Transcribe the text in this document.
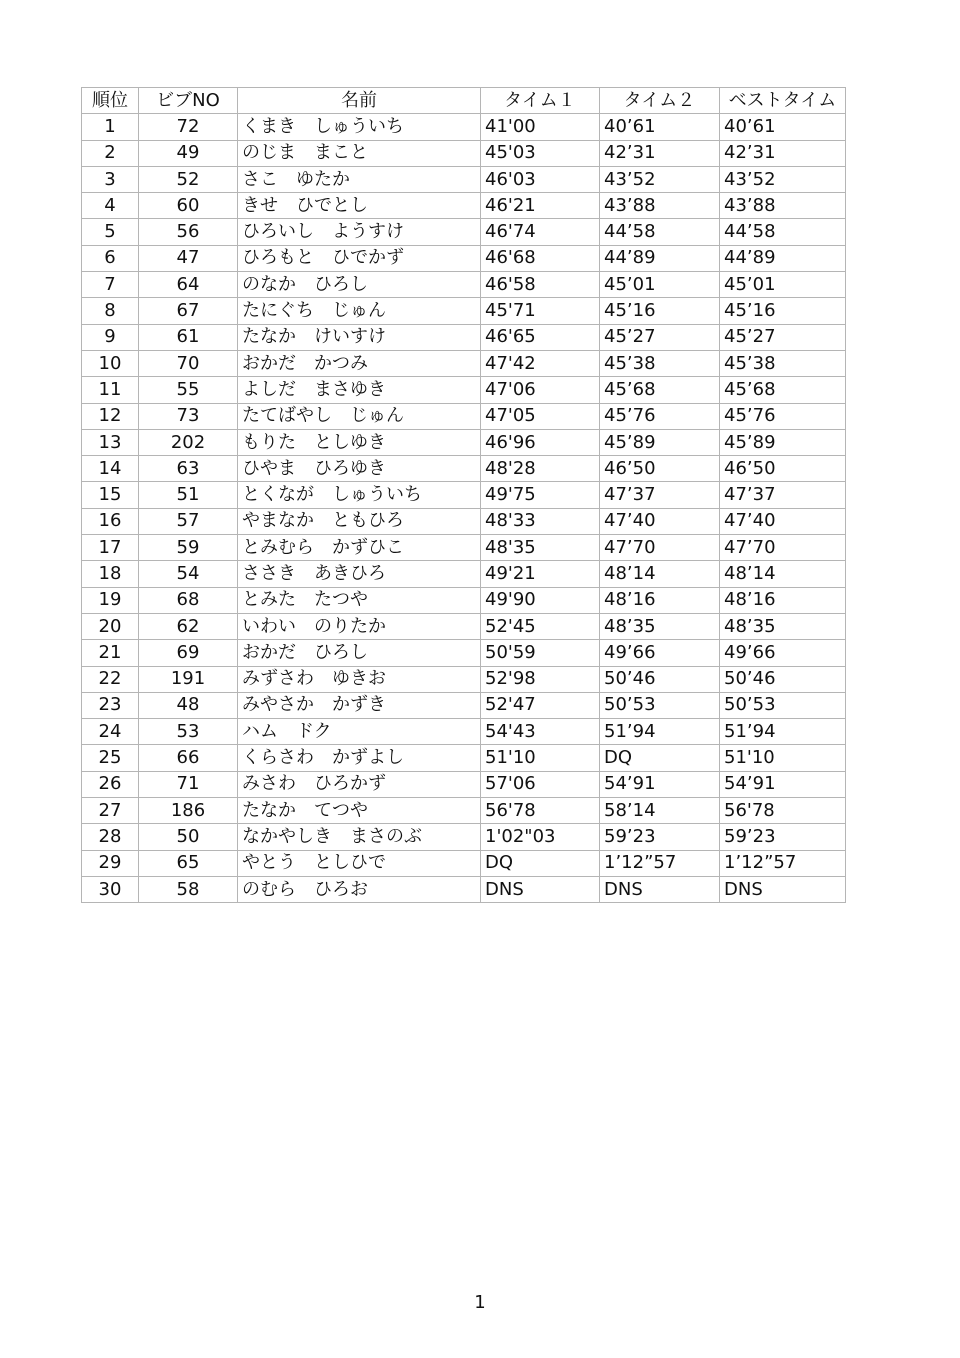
順位	ビブNO	名前	タイム１	タイム２	ベストタイム
1	72	くまき　しゅういち	41'00	40’61	40’61
2	49	のじま　まこと	45'03	42’31	42’31
3	52	さこ　ゆたか	46'03	43’52	43’52
4	60	きせ　ひでとし	46'21	43’88	43’88
5	56	ひろいし　ようすけ	46'74	44’58	44’58
6	47	ひろもと　ひでかず	46'68	44’89	44’89
7	64	のなか　ひろし	46'58	45’01	45’01
8	67	たにぐち　じゅん	45'71	45’16	45’16
9	61	たなか　けいすけ	46'65	45’27	45’27
10	70	おかだ　かつみ	47'42	45’38	45’38
11	55	よしだ　まさゆき	47'06	45’68	45’68
12	73	たてばやし　じゅん	47'05	45’76	45’76
13	202	もりた　としゆき	46'96	45’89	45’89
14	63	ひやま　ひろゆき	48'28	46’50	46’50
15	51	とくなが　しゅういち	49'75	47’37	47’37
16	57	やまなか　ともひろ	48'33	47’40	47’40
17	59	とみむら　かずひこ	48'35	47’70	47’70
18	54	ささき　あきひろ	49'21	48’14	48’14
19	68	とみた　たつや	49'90	48’16	48’16
20	62	いわい　のりたか	52'45	48’35	48’35
21	69	おかだ　ひろし	50'59	49’66	49’66
22	191	みずさわ　ゆきお	52'98	50’46	50’46
23	48	みやさか　かずき	52'47	50’53	50’53
24	53	ハム　ドク	54'43	51’94	51’94
25	66	くらさわ　かずよし	51'10	DQ	51'10
26	71	みさわ　ひろかず	57'06	54’91	54’91
27	186	たなか　てつや	56'78	58’14	56'78
28	50	なかやしき　まさのぶ	1'02"03	59’23	59’23
29	65	やとう　としひで	DQ	1’12”57	1’12”57
30	58	のむら　ひろお	DNS	DNS	DNS
1
